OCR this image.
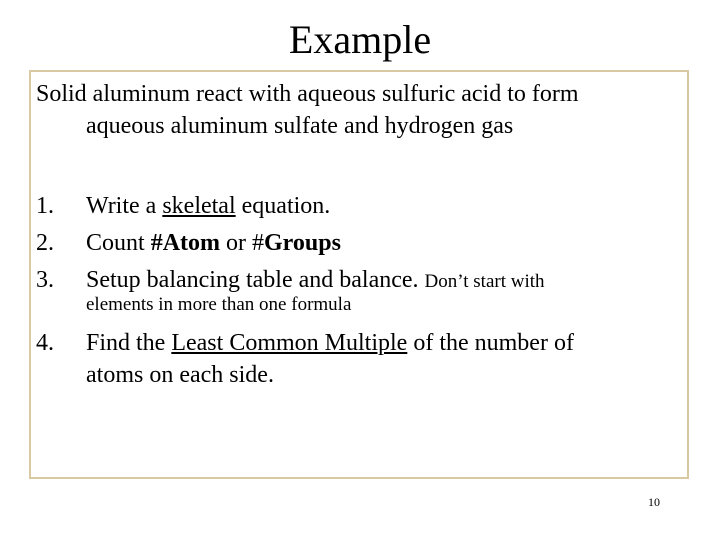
Example
Solid aluminum react with aqueous sulfuric acid to form
aqueous aluminum sulfate and hydrogen gas
1. Write a skeletal equation.
2. Count #Atom or #Groups
3. Setup balancing table and balance. Don’t start with
elements in more than one formula
4. Find the Least Common Multiple of the number of
atoms on each side.
10
